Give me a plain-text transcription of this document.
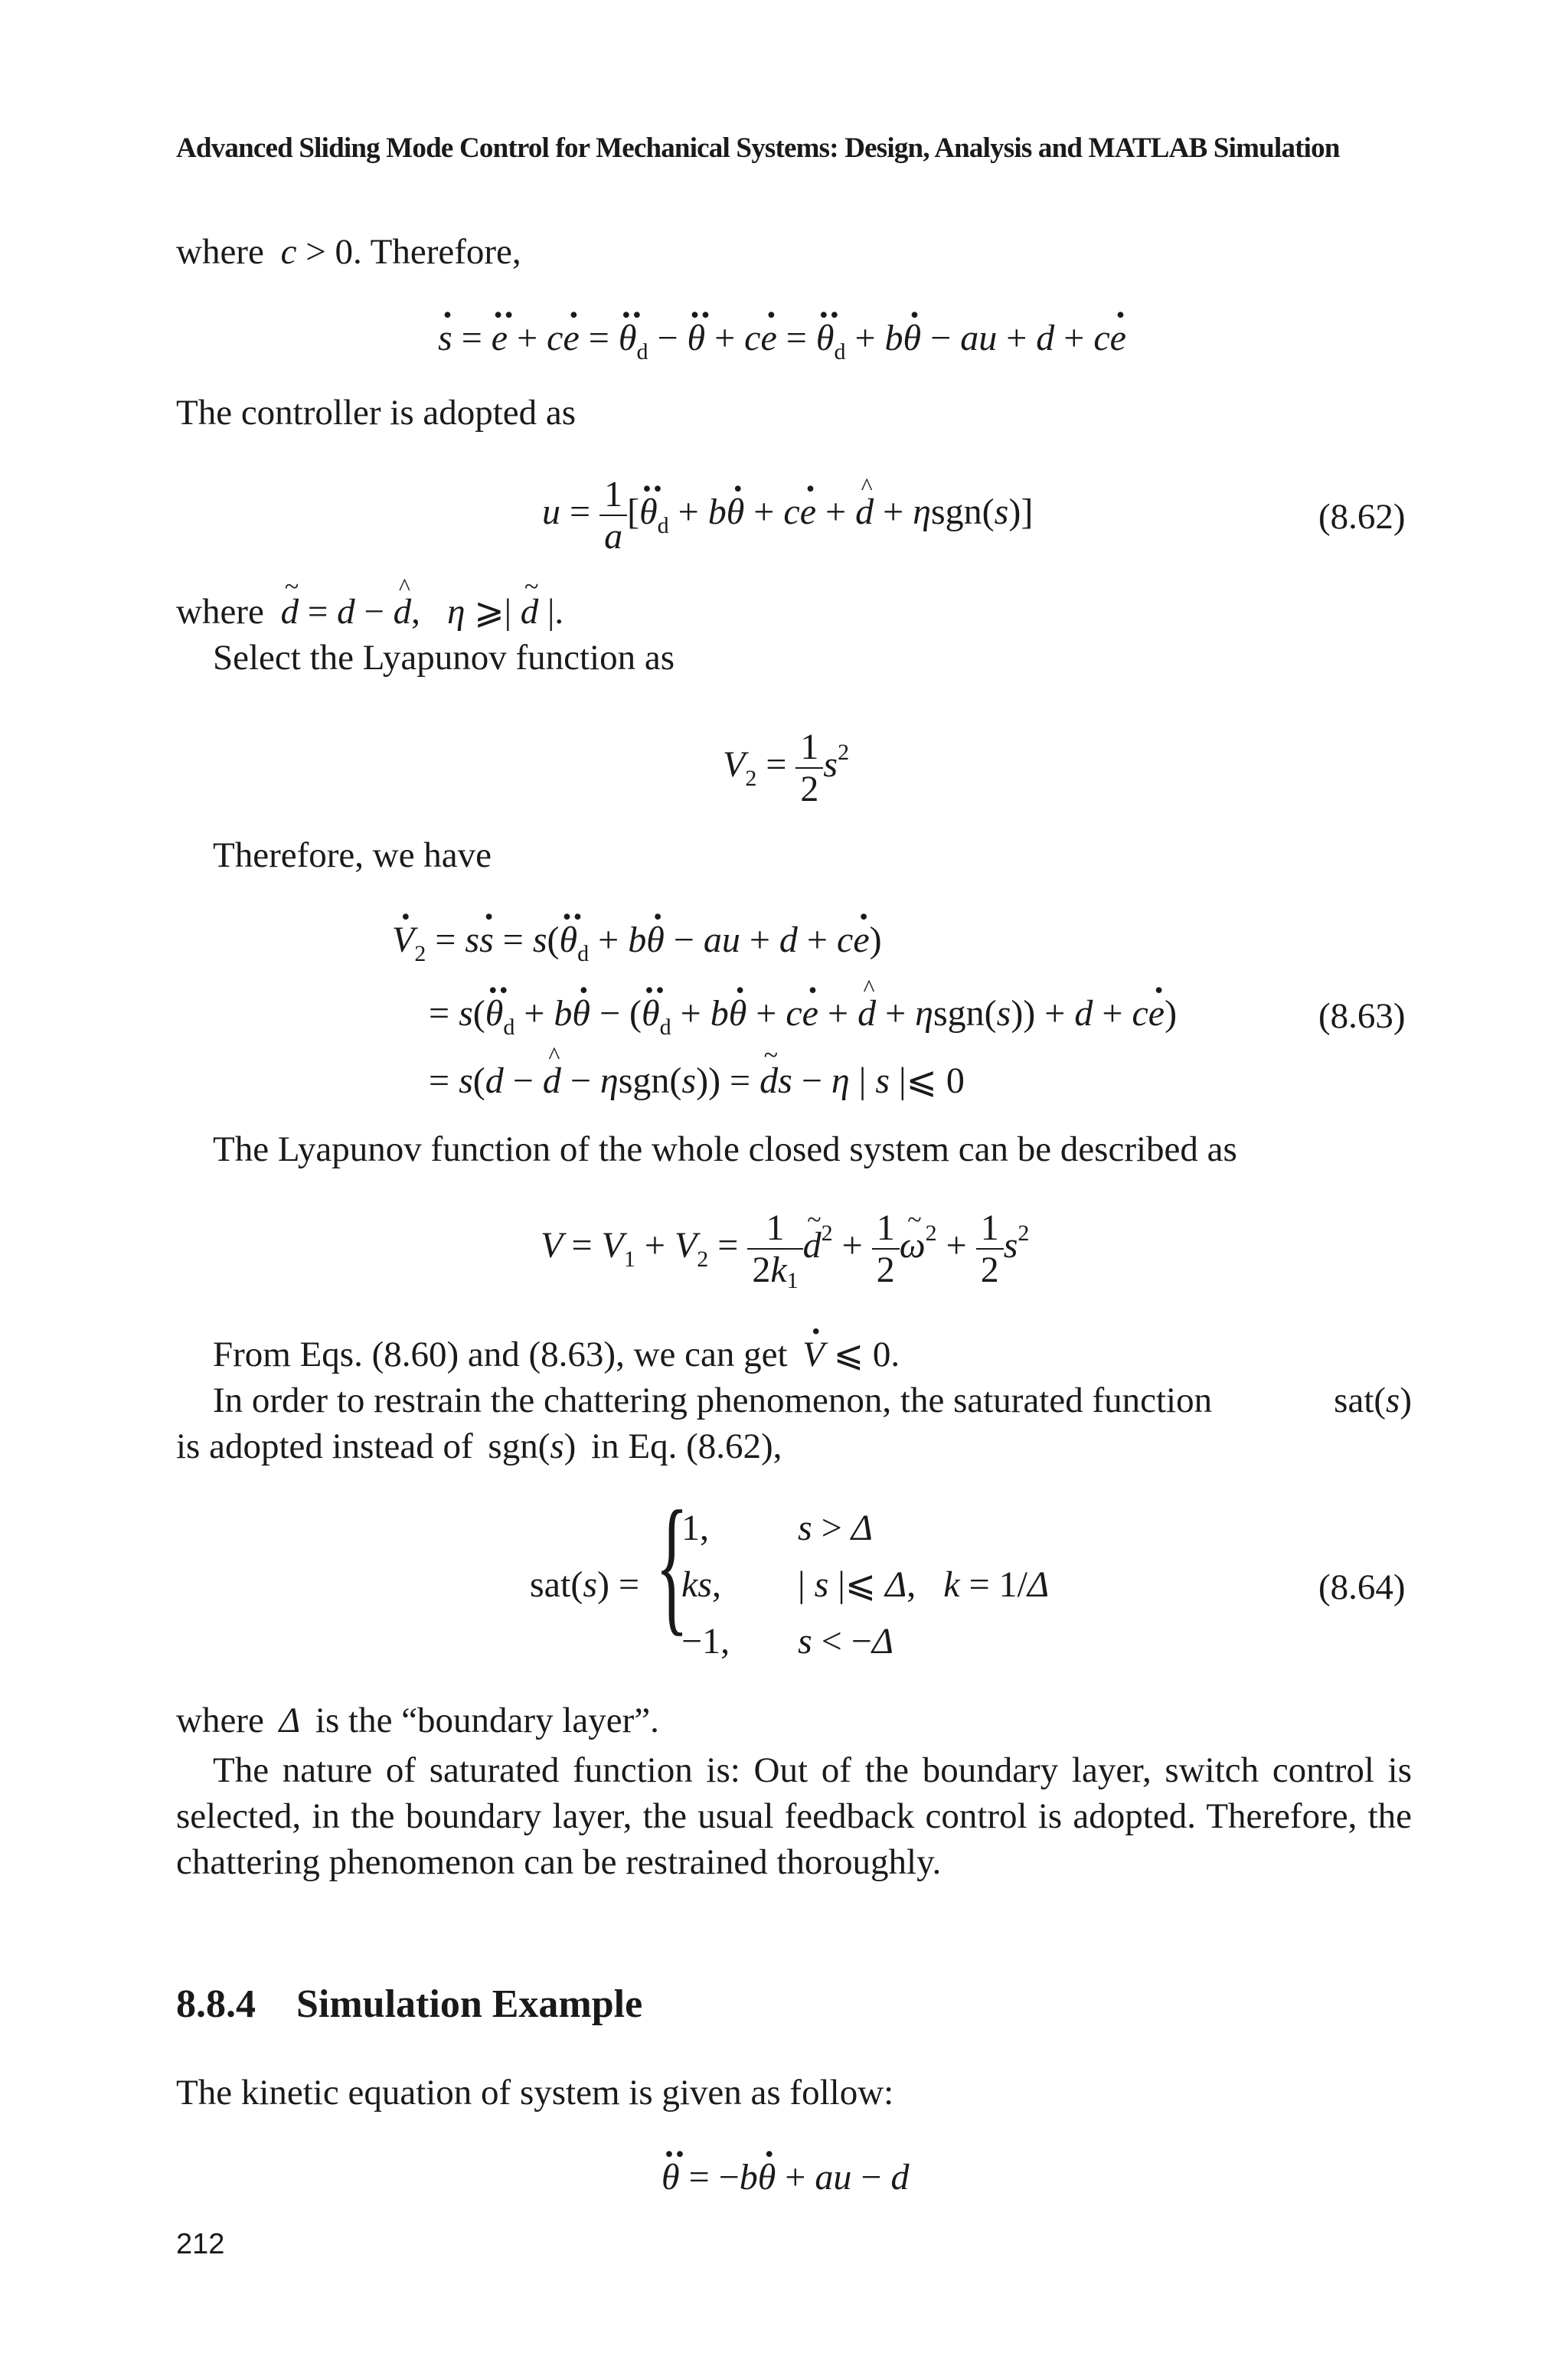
Advanced Sliding Mode Control for Mechanical Systems: Design, Analysis and MATLAB Simulation
where c > 0. Therefore,
· s = ·· e + c· e = ·· $\theta_d$ − ·· θ + c· e = ·· $\theta_d + b\cdot \theta$ − au + d + c· e
The controller is adopted as
$u = \frac{1}{a}$ [·· $\theta_d + b\cdot \theta + c\cdot e$ + ^ d + ηsgn(s)]	(8.62)
where ~ d = d − ^ d,   η ⩾| ~ d |.
Select the Lyapunov function as
$V_2 = \frac{1}{2} s^2$
Therefore, we have
· $V_2 = s\cdot s = s(\cdot\cdot \theta_d + b\cdot \theta$ − au + d + c· e)
= $s(\cdot\cdot \theta_d + b\cdot \theta$ − (·· $\theta_d + b\cdot \theta + c\cdot e$ + ^ d + ηsgn(s)) + d + c· e)	(8.63)
= s(d − ^ d − ηsgn(s)) = ~ ds − η | s |⩽ 0
The Lyapunov function of the whole closed system can be described as
$V = V_1 + V_2 = \frac{1}{2k1}$ ~ $d^2 + \frac{1}{2}$ ~ $\omega^2 + \frac{1}{2} s^2$
From Eqs. (8.60) and (8.63), we can get · V ⩽ 0.
In order to restrain the chattering phenomenon, the saturated function	sat(s)
is adopted instead of sgn(s) in Eq. (8.62),
sat(s) = {
1, s > Δ
ks, | s |⩽ Δ,   k = 1/Δ
−1, s < −Δ
(8.64)
where Δ is the “boundary layer”.
The nature of saturated function is: Out of the boundary layer, switch control is selected, in the boundary layer, the usual feedback control is adopted. Therefore, the chattering phenomenon can be restrained thoroughly.
8.8.4 Simulation Example
The kinetic equation of system is given as follow:
·· θ = −b· θ + au − d
212
